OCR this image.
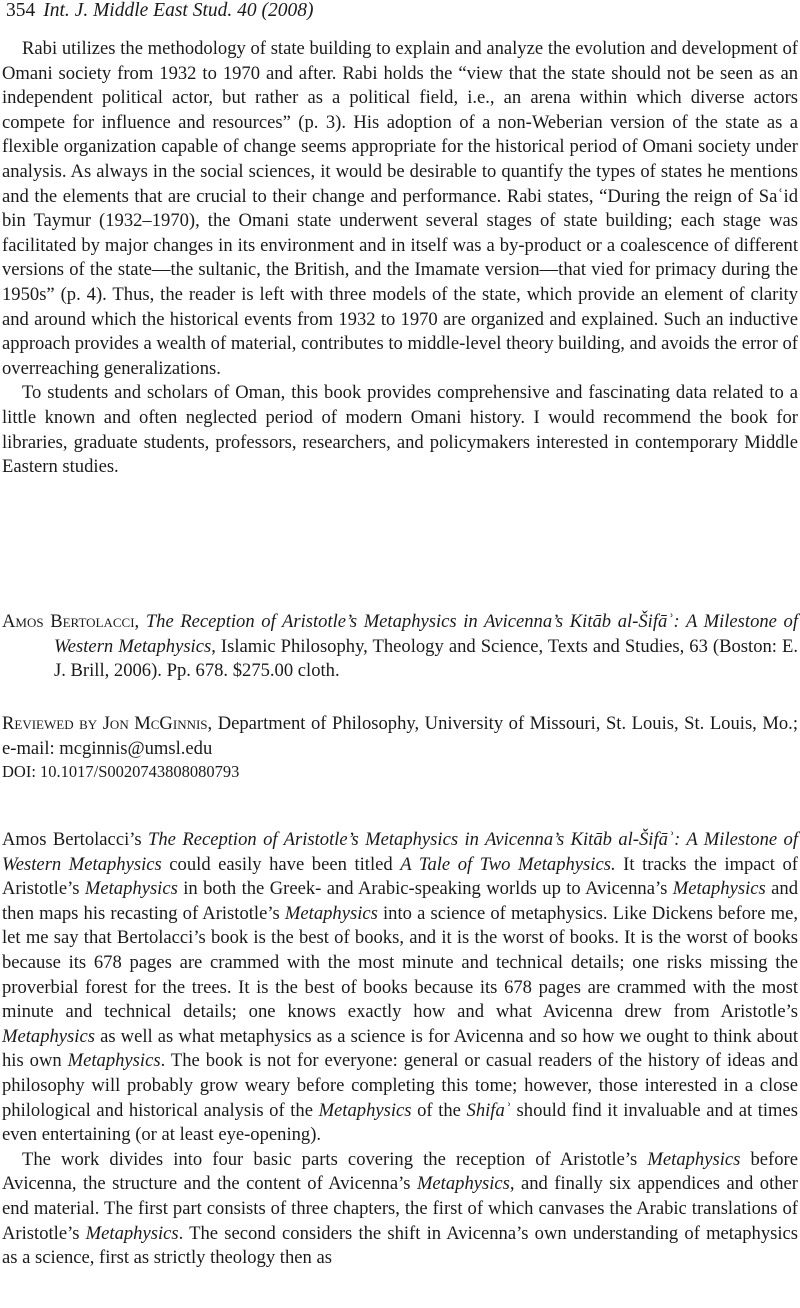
354 Int. J. Middle East Stud. 40 (2008)

Rabi utilizes the methodology of state building to explain and analyze the evolution and development of Omani society from 1932 to 1970 and after. Rabi holds the “view that the state should not be seen as an independent political actor, but rather as a political field, i.e., an arena within which diverse actors compete for influence and resources” (p. 3). His adoption of a non-Weberian version of the state as a flexible organization capable of change seems appropriate for the historical period of Omani society under analysis. As always in the social sciences, it would be desirable to quantify the types of states he mentions and the elements that are crucial to their change and performance. Rabi states, “During the reign of Saʿid bin Taymur (1932–1970), the Omani state underwent several stages of state building; each stage was facilitated by major changes in its environment and in itself was a by-product or a coalescence of different versions of the state—the sultanic, the British, and the Imamate version—that vied for primacy during the 1950s” (p. 4). Thus, the reader is left with three models of the state, which provide an element of clarity and around which the historical events from 1932 to 1970 are organized and explained. Such an inductive approach provides a wealth of material, contributes to middle-level theory building, and avoids the error of overreaching generalizations.

To students and scholars of Oman, this book provides comprehensive and fascinating data related to a little known and often neglected period of modern Omani history. I would recommend the book for libraries, graduate students, professors, researchers, and policymakers interested in contemporary Middle Eastern studies.

Amos Bertolacci, The Reception of Aristotle’s Metaphysics in Avicenna’s Kitāb al-Šifāʾ: A Milestone of Western Metaphysics, Islamic Philosophy, Theology and Science, Texts and Studies, 63 (Boston: E. J. Brill, 2006). Pp. 678. $275.00 cloth.
Reviewed by Jon McGinnis, Department of Philosophy, University of Missouri, St. Louis, St. Louis, Mo.; e-mail: mcginnis@umsl.edu
DOI: 10.1017/S0020743808080793

Amos Bertolacci’s The Reception of Aristotle’s Metaphysics in Avicenna’s Kitāb al-Šifāʾ: A Milestone of Western Metaphysics could easily have been titled A Tale of Two Metaphysics. It tracks the impact of Aristotle’s Metaphysics in both the Greek- and Arabic-speaking worlds up to Avicenna’s Metaphysics and then maps his recasting of Aristotle’s Metaphysics into a science of metaphysics. Like Dickens before me, let me say that Bertolacci’s book is the best of books, and it is the worst of books. It is the worst of books because its 678 pages are crammed with the most minute and technical details; one risks missing the proverbial forest for the trees. It is the best of books because its 678 pages are crammed with the most minute and technical details; one knows exactly how and what Avicenna drew from Aristotle’s Metaphysics as well as what metaphysics as a science is for Avicenna and so how we ought to think about his own Metaphysics. The book is not for everyone: general or casual readers of the history of ideas and philosophy will probably grow weary before completing this tome; however, those interested in a close philological and historical analysis of the Metaphysics of the Shifaʾ should find it invaluable and at times even entertaining (or at least eye-opening).

The work divides into four basic parts covering the reception of Aristotle’s Metaphysics before Avicenna, the structure and the content of Avicenna’s Metaphysics, and finally six appendices and other end material. The first part consists of three chapters, the first of which canvases the Arabic translations of Aristotle’s Metaphysics. The second considers the shift in Avicenna’s own understanding of metaphysics as a science, first as strictly theology then as
